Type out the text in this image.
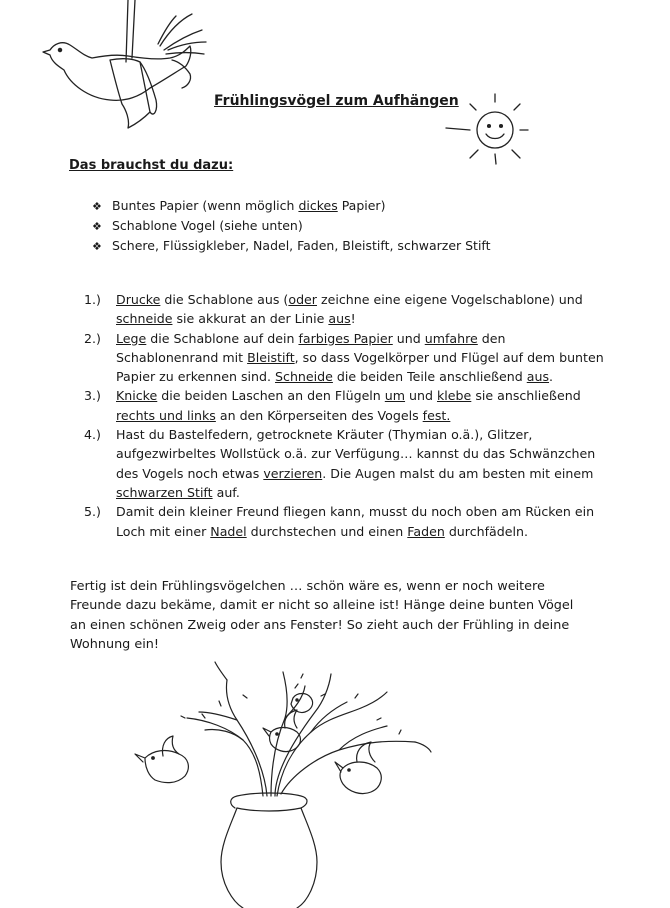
Frühlingsvögel zum Aufhängen
Das brauchst du dazu:
❖ Buntes Papier (wenn möglich dickes Papier)
❖ Schablone Vogel (siehe unten)
❖ Schere, Flüssigkleber, Nadel, Faden, Bleistift, schwarzer Stift
1.)	Drucke die Schablone aus (oder zeichne eine eigene Vogelschablone) und schneide sie akkurat an der Linie aus!
2.)	Lege die Schablone auf dein farbiges Papier und umfahre den Schablonenrand mit Bleistift, so dass Vogelkörper und Flügel auf dem bunten Papier zu erkennen sind. Schneide die beiden Teile anschließend aus.
3.)	Knicke die beiden Laschen an den Flügeln um und klebe sie anschließend rechts und links an den Körperseiten des Vogels fest.
4.)	Hast du Bastelfedern, getrocknete Kräuter (Thymian o.ä.), Glitzer, aufgezwirbeltes Wollstück o.ä. zur Verfügung… kannst du das Schwänzchen des Vogels noch etwas verzieren. Die Augen malst du am besten mit einem schwarzen Stift auf.
5.)	Damit dein kleiner Freund fliegen kann, musst du noch oben am Rücken ein Loch mit einer Nadel durchstechen und einen Faden durchfädeln.
Fertig ist dein Frühlingsvögelchen … schön wäre es, wenn er noch weitere Freunde dazu bekäme, damit er nicht so alleine ist! Hänge deine bunten Vögel an einen schönen Zweig oder ans Fenster! So zieht auch der Frühling in deine Wohnung ein!
